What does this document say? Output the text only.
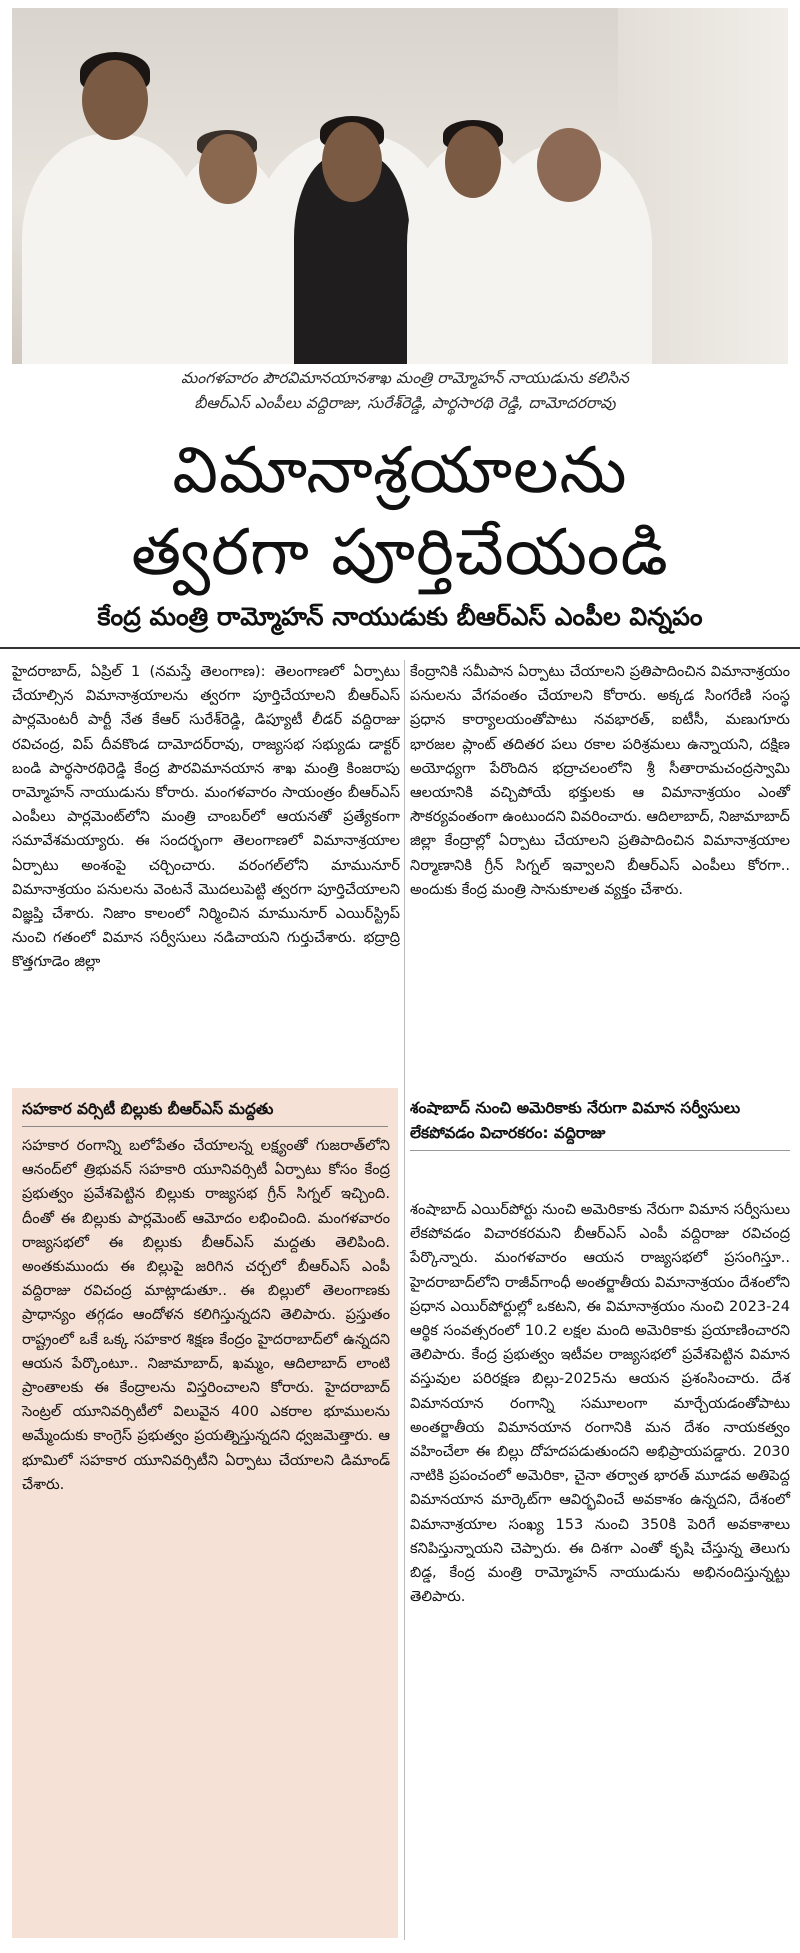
మంగళవారం పౌరవిమానయానశాఖ మంత్రి రామ్మోహన్ నాయుడును కలిసిన
బీఆర్ఎస్ ఎంపీలు వద్దిరాజు, సురేశ్‌రెడ్డి, పార్థసారథి రెడ్డి, దామోదరరావు
విమానాశ్రయాలను
త్వరగా పూర్తిచేయండి
కేంద్ర మంత్రి రామ్మోహన్ నాయుడుకు బీఆర్ఎస్ ఎంపీల విన్నపం

హైదరాబాద్, ఏప్రిల్ 1 (నమస్తే తెలంగాణ): తెలంగాణలో ఏర్పాటు చేయాల్సిన విమానాశ్రయాలను త్వరగా పూర్తిచేయాలని బీఆర్ఎస్ పార్లమెంటరీ పార్టీ నేత కేఆర్ సురేశ్‌రెడ్డి, డిప్యూటీ లీడర్ వద్దిరాజు రవిచంద్ర, విప్ దీవకొండ దామోదర్‌రావు, రాజ్యసభ సభ్యుడు డాక్టర్ బండి పార్థసారథిరెడ్డి కేంద్ర పౌరవిమానయాన శాఖ మంత్రి కింజరాపు రామ్మోహన్ నాయుడును కోరారు. మంగళవారం సాయంత్రం బీఆర్ఎస్ ఎంపీలు పార్లమెంట్‌లోని మంత్రి చాంబర్‌లో ఆయనతో ప్రత్యేకంగా సమావేశమయ్యారు. ఈ సందర్భంగా తెలంగాణలో విమానాశ్రయాల ఏర్పాటు అంశంపై చర్చించారు. వరంగల్‌లోని మామునూర్ విమానాశ్రయం పనులను వెంటనే మొదలుపెట్టి త్వరగా పూర్తిచేయాలని విజ్ఞప్తి చేశారు. నిజాం కాలంలో నిర్మించిన మామునూర్ ఎయిర్‌స్ట్రిప్ నుంచి గతంలో విమాన సర్వీసులు నడిచాయని గుర్తుచేశారు. భద్రాద్రి కొత్తగూడెం జిల్లా

కేంద్రానికి సమీపాన ఏర్పాటు చేయాలని ప్రతిపాదించిన విమానాశ్రయం పనులను వేగవంతం చేయాలని కోరారు. అక్కడ సింగరేణి సంస్థ ప్రధాన కార్యాలయంతోపాటు నవభారత్, ఐటీసీ, మణుగూరు భారజల ప్లాంట్ తదితర పలు రకాల పరిశ్రమలు ఉన్నాయని, దక్షిణ అయోధ్యగా పేరొందిన భద్రాచలంలోని శ్రీ సీతారామచంద్రస్వామి ఆలయానికి వచ్చిపోయే భక్తులకు ఆ విమానాశ్రయం ఎంతో సౌకర్యవంతంగా ఉంటుందని వివరించారు. ఆదిలాబాద్, నిజామాబాద్ జిల్లా కేంద్రాల్లో ఏర్పాటు చేయాలని ప్రతిపాదించిన విమానాశ్రయాల నిర్మాణానికి గ్రీన్ సిగ్నల్ ఇవ్వాలని బీఆర్ఎస్ ఎంపీలు కోరగా.. అందుకు కేంద్ర మంత్రి సానుకూలత వ్యక్తం చేశారు.

సహకార వర్సిటీ బిల్లుకు బీఆర్ఎస్ మద్దతు
సహకార రంగాన్ని బలోపేతం చేయాలన్న లక్ష్యంతో గుజరాత్‌లోని ఆనంద్‌లో త్రిభువన్ సహకారి యూనివర్సిటీ ఏర్పాటు కోసం కేంద్ర ప్రభుత్వం ప్రవేశపెట్టిన బిల్లుకు రాజ్యసభ గ్రీన్ సిగ్నల్ ఇచ్చింది. దీంతో ఈ బిల్లుకు పార్లమెంట్ ఆమోదం లభించింది. మంగళవారం రాజ్యసభలో ఈ బిల్లుకు బీఆర్ఎస్ మద్దతు తెలిపింది. అంతకుముందు ఈ బిల్లుపై జరిగిన చర్చలో బీఆర్ఎస్ ఎంపీ వద్దిరాజు రవిచంద్ర మాట్లాడుతూ.. ఈ బిల్లులో తెలంగాణకు ప్రాధాన్యం తగ్గడం ఆందోళన కలిగిస్తున్నదని తెలిపారు. ప్రస్తుతం రాష్ట్రంలో ఒకే ఒక్క సహకార శిక్షణ కేంద్రం హైదరాబాద్‌లో ఉన్నదని ఆయన పేర్కొంటూ.. నిజామాబాద్, ఖమ్మం, ఆదిలాబాద్ లాంటి ప్రాంతాలకు ఈ కేంద్రాలను విస్తరించాలని కోరారు. హైదరాబాద్ సెంట్రల్ యూనివర్సిటీలో విలువైన 400 ఎకరాల భూములను అమ్మేందుకు కాంగ్రెస్ ప్రభుత్వం ప్రయత్నిస్తున్నదని ధ్వజమెత్తారు. ఆ భూమిలో సహకార యూనివర్సిటీని ఏర్పాటు చేయాలని డిమాండ్ చేశారు.
శంషాబాద్ నుంచి అమెరికాకు నేరుగా విమాన సర్వీసులు లేకపోవడం విచారకరం: వద్దిరాజు

శంషాబాద్ ఎయిర్‌పోర్టు నుంచి అమెరికాకు నేరుగా విమాన సర్వీసులు లేకపోవడం విచారకరమని బీఆర్ఎస్ ఎంపీ వద్దిరాజు రవిచంద్ర పేర్కొన్నారు. మంగళవారం ఆయన రాజ్యసభలో ప్రసంగిస్తూ.. హైదరాబాద్‌లోని రాజీవ్‌గాంధీ అంతర్జాతీయ విమానాశ్రయం దేశంలోని ప్రధాన ఎయిర్‌పోర్టుల్లో ఒకటని, ఈ విమానాశ్రయం నుంచి 2023-24 ఆర్థిక సంవత్సరంలో 10.2 లక్షల మంది అమెరికాకు ప్రయాణించారని తెలిపారు. కేంద్ర ప్రభుత్వం ఇటీవల రాజ్యసభలో ప్రవేశపెట్టిన విమాన వస్తువుల పరిరక్షణ బిల్లు-2025ను ఆయన ప్రశంసించారు. దేశ విమానయాన రంగాన్ని సమూలంగా మార్చేయడంతోపాటు అంతర్జాతీయ విమానయాన రంగానికి మన దేశం నాయకత్వం వహించేలా ఈ బిల్లు దోహదపడుతుందని అభిప్రాయపడ్డారు. 2030 నాటికి ప్రపంచంలో అమెరికా, చైనా తర్వాత భారత్ మూడవ అతిపెద్ద విమానయాన మార్కెట్‌గా ఆవిర్భవించే అవకాశం ఉన్నదని, దేశంలో విమానాశ్రయాల సంఖ్య 153 నుంచి 350కి పెరిగే అవకాశాలు కనిపిస్తున్నాయని చెప్పారు. ఈ దిశగా ఎంతో కృషి చేస్తున్న తెలుగు బిడ్డ, కేంద్ర మంత్రి రామ్మోహన్ నాయుడును అభినందిస్తున్నట్టు తెలిపారు.
